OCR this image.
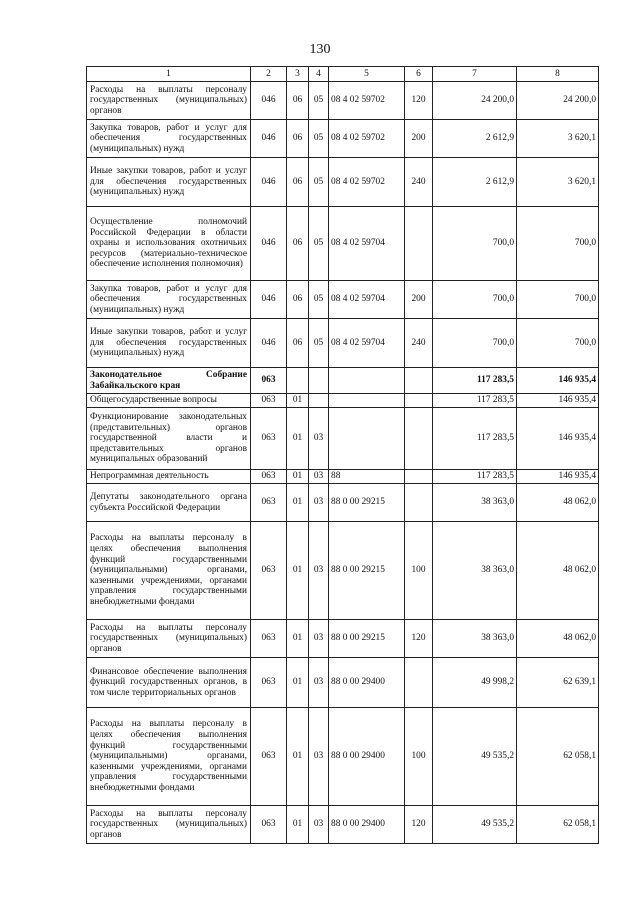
130
1	2	3	4	5	6	7	8
Расходы на выплаты персоналу государственных (муниципальных) органов	046	06	05	08 4 02 59702	120	24 200,0	24 200,0
Закупка товаров, работ и услуг для обеспечения государственных (муниципальных) нужд	046	06	05	08 4 02 59702	200	2 612,9	3 620,1
Иные закупки товаров, работ и услуг для обеспечения государственных (муниципальных) нужд	046	06	05	08 4 02 59702	240	2 612,9	3 620,1
Осуществление полномочий Российской Федерации в области охраны и использования охотничьих ресурсов (материально-техническое обеспечение исполнения полномочия)	046	06	05	08 4 02 59704		700,0	700,0
Закупка товаров, работ и услуг для обеспечения государственных (муниципальных) нужд	046	06	05	08 4 02 59704	200	700,0	700,0
Иные закупки товаров, работ и услуг для обеспечения государственных (муниципальных) нужд	046	06	05	08 4 02 59704	240	700,0	700,0
Законодательное Собрание Забайкальского края	063					117 283,5	146 935,4
Общегосударственные вопросы	063	01				117 283,5	146 935,4
Функционирование законодательных (представительных) органов государственной власти и представительных органов муниципальных образований	063	01	03			117 283,5	146 935,4
Непрограммная деятельность	063	01	03	88		117 283,5	146 935,4
Депутаты законодательного органа субъекта Российской Федерации	063	01	03	88 0 00 29215		38 363,0	48 062,0
Расходы на выплаты персоналу в целях обеспечения выполнения функций государственными (муниципальными) органами, казенными учреждениями, органами управления государственными внебюджетными фондами	063	01	03	88 0 00 29215	100	38 363,0	48 062,0
Расходы на выплаты персоналу государственных (муниципальных) органов	063	01	03	88 0 00 29215	120	38 363,0	48 062,0
Финансовое обеспечение выполнения функций государственных органов, в том числе территориальных органов	063	01	03	88 0 00 29400		49 998,2	62 639,1
Расходы на выплаты персоналу в целях обеспечения выполнения функций государственными (муниципальными) органами, казенными учреждениями, органами управления государственными внебюджетными фондами	063	01	03	88 0 00 29400	100	49 535,2	62 058,1
Расходы на выплаты персоналу государственных (муниципальных) органов	063	01	03	88 0 00 29400	120	49 535,2	62 058,1
